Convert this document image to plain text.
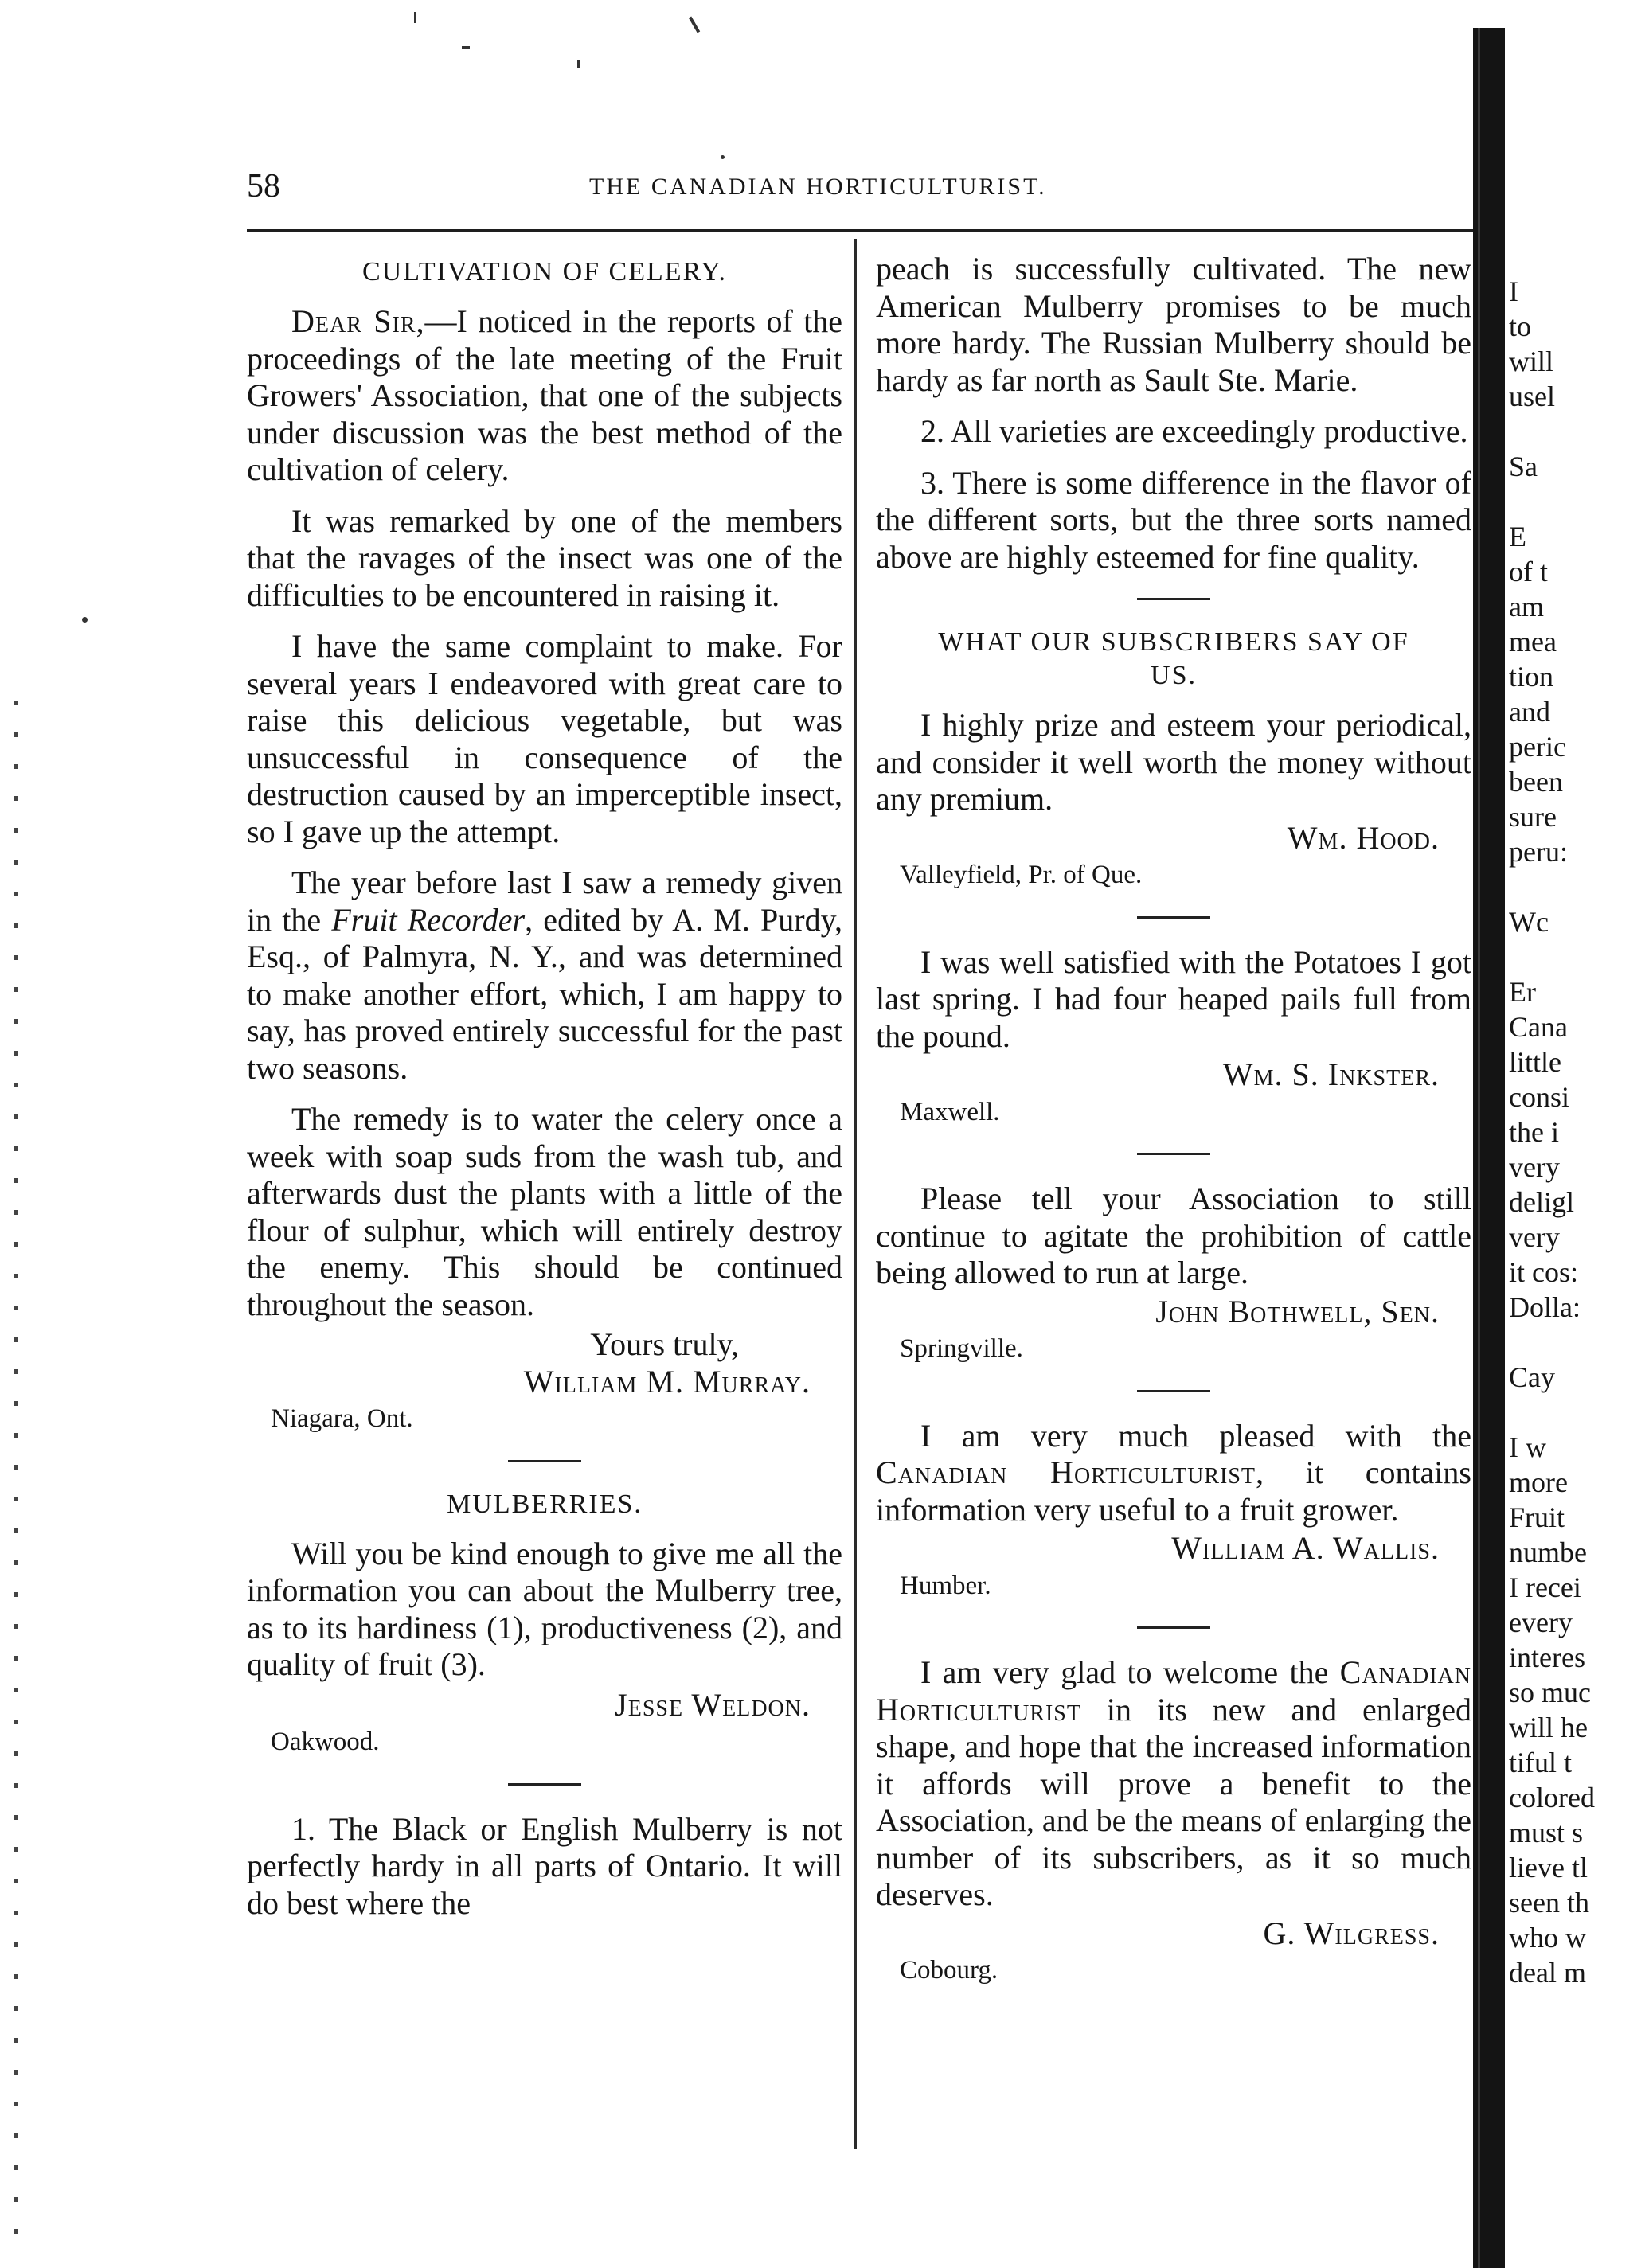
58	THE CANADIAN HORTICULTURIST.
CULTIVATION OF CELERY.

Dear Sir,—I noticed in the reports of the proceedings of the late meeting of the Fruit Growers' Association, that one of the subjects under discussion was the best method of the cultivation of celery.

It was remarked by one of the members that the ravages of the insect was one of the difficulties to be encountered in raising it.

I have the same complaint to make. For several years I endeavored with great care to raise this delicious vegetable, but was unsuccessful in consequence of the destruction caused by an imperceptible insect, so I gave up the attempt.

The year before last I saw a remedy given in the Fruit Recorder, edited by A. M. Purdy, Esq., of Palmyra, N. Y., and was determined to make another effort, which, I am happy to say, has proved entirely successful for the past two seasons.

The remedy is to water the celery once a week with soap suds from the wash tub, and afterwards dust the plants with a little of the flour of sulphur, which will entirely destroy the enemy. This should be continued throughout the season.

Yours truly,
William M. Murray.
Niagara, Ont.
MULBERRIES.

Will you be kind enough to give me all the information you can about the Mulberry tree, as to its hardiness (1), productiveness (2), and quality of fruit (3).

Jesse Weldon.
Oakwood.

1. The Black or English Mulberry is not perfectly hardy in all parts of Ontario. It will do best where the

peach is successfully cultivated. The new American Mulberry promises to be much more hardy. The Russian Mulberry should be hardy as far north as Sault Ste. Marie.

2. All varieties are exceedingly productive.

3. There is some difference in the flavor of the different sorts, but the three sorts named above are highly esteemed for fine quality.

WHAT OUR SUBSCRIBERS SAY OF US.

I highly prize and esteem your periodical, and consider it well worth the money without any premium.

Wm. Hood.
Valleyfield, Pr. of Que.

I was well satisfied with the Potatoes I got last spring. I had four heaped pails full from the pound.

Wm. S. Inkster.
Maxwell.

Please tell your Association to still continue to agitate the prohibition of cattle being allowed to run at large.

John Bothwell, Sen.
Springville.

I am very much pleased with the Canadian Horticulturist, it contains information very useful to a fruit grower.

William A. Wallis.
Humber.

I am very glad to welcome the Canadian Horticulturist in its new and enlarged shape, and hope that the increased information it affords will prove a benefit to the Association, and be the means of enlarging the number of its subscribers, as it so much deserves.

G. Wilgress.
Cobourg.
I
to
will
usel
Sa
E
of t
am
mea
tion
and
peric
been
sure
peru:
Wc
Er
Cana
little
consi
the i
very
deligl
very
it cos:
Dolla:
Cay
I w
more
Fruit
numbe
I recei
every
interes
so muc
will he
tiful t
colored
must s
lieve tl
seen th
who w
deal m
